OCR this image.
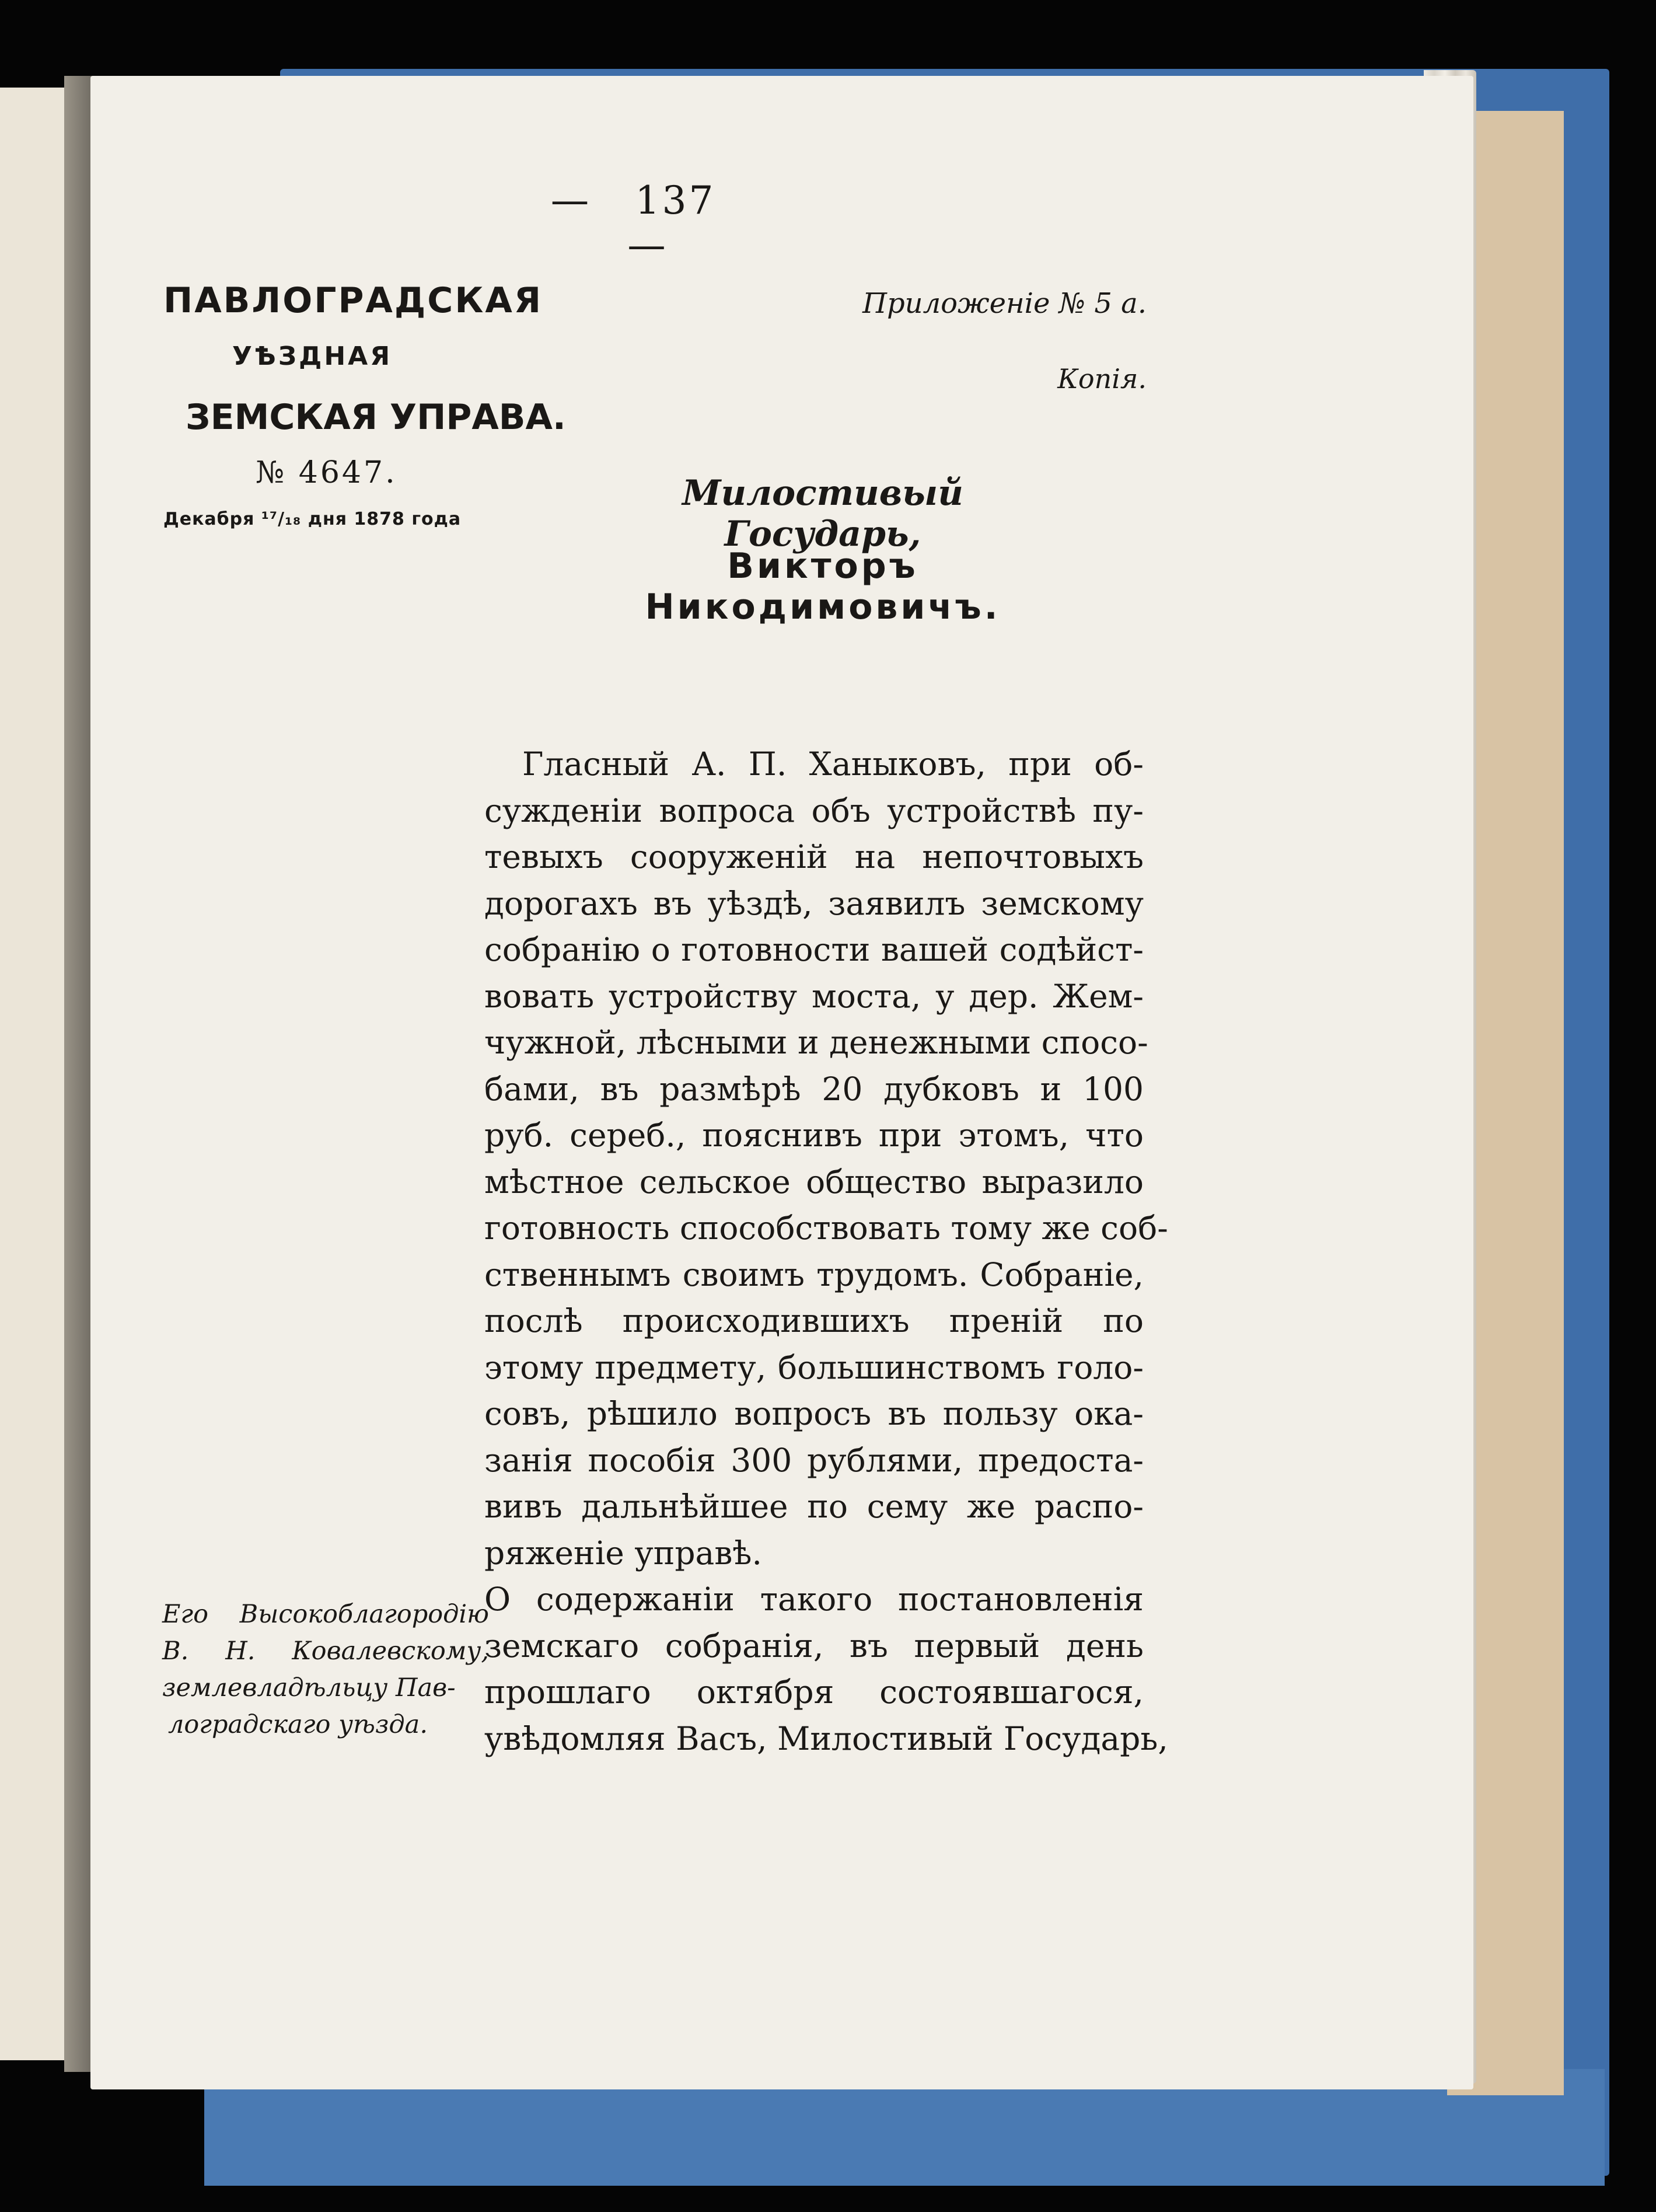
— 137   —
ПАВЛОГРАДСКАЯ
УѢЗДНАЯ
ЗЕМСКАЯ УПРАВА.
№ 4647.
Декабря ¹⁷/₁₈ дня 1878 года
Приложеніе № 5 а.
Копія.
Милостивый Государь,
Викторъ Никодимовичъ.
Гласный А. П. Ханыковъ, при об-
сужденіи вопроса объ устройствѣ пу-
тевыхъ сооруженій на непочтовыхъ
дорогахъ въ уѣздѣ, заявилъ земскому
собранію о готовности вашей содѣйст-
вовать устройству моста, у дер. Жем-
чужной, лѣсными и денежными спосо-
бами, въ размѣрѣ 20 дубковъ и 100
руб. сереб., пояснивъ при этомъ, что
мѣстное сельское общество выразило
готовность способствовать тому же соб-
ственнымъ своимъ трудомъ. Собраніе,
послѣ происходившихъ преній по
этому предмету, большинствомъ голо-
совъ, рѣшило вопросъ въ пользу ока-
занія пособія 300 рублями, предоста-
вивъ дальнѣйшее по сему же распо-
ряженіе управѣ.
О содержаніи такого постановленія
земскаго собранія, въ первый день
прошлаго октября состоявшагося,
увѣдомляя Васъ, Милостивый Государь,
Его Высокоблагородію
В. Н. Ковалевскому,
землевладѣльцу Пав-
лоградскаго уѣзда.
